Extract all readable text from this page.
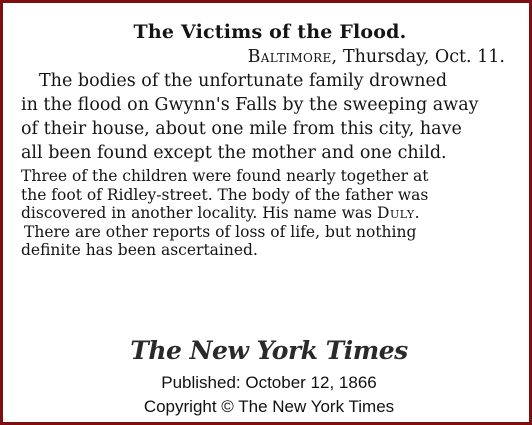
The Victims of the Flood.
Baltimore, Thursday, Oct. 11.
The bodies of the unfortunate family drowned
in the flood on Gwynn's Falls by the sweeping away
of their house, about one mile from this city, have
all been found except the mother and one child.
Three of the children were found nearly together at
the foot of Ridley-street. The body of the father was
discovered in another locality. His name was Duly.
There are other reports of loss of life, but nothing
definite has been ascertained.
The New York Times
Published: October 12, 1866
Copyright © The New York Times
